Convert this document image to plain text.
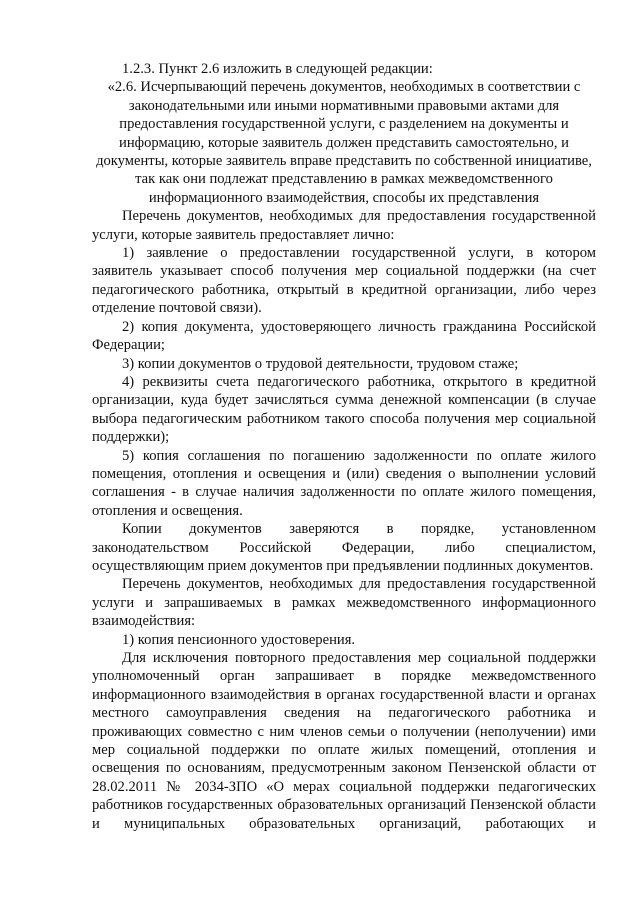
1.2.3. Пункт 2.6 изложить в следующей редакции:

«2.6. Исчерпывающий перечень документов, необходимых в соответствии с законодательными или иными нормативными правовыми актами для предоставления государственной услуги, с разделением на документы и информацию, которые заявитель должен представить самостоятельно, и документы, которые заявитель вправе представить по собственной инициативе, так как они подлежат представлению в рамках межведомственного информационного взаимодействия, способы их представления

Перечень документов, необходимых для предоставления государственной услуги, которые заявитель предоставляет лично:

1) заявление о предоставлении государственной услуги, в котором заявитель указывает способ получения мер социальной поддержки (на счет педагогического работника, открытый в кредитной организации, либо через отделение почтовой связи).

2) копия документа, удостоверяющего личность гражданина Российской Федерации;

3) копии документов о трудовой деятельности, трудовом стаже;

4) реквизиты счета педагогического работника, открытого в кредитной организации, куда будет зачисляться сумма денежной компенсации (в случае выбора педагогическим работником такого способа получения мер социальной поддержки);

5) копия соглашения по погашению задолженности по оплате жилого помещения, отопления и освещения и (или) сведения о выполнении условий соглашения - в случае наличия задолженности по оплате жилого помещения, отопления и освещения.

Копии документов заверяются в порядке, установленном законодательством Российской Федерации, либо специалистом, осуществляющим прием документов при предъявлении подлинных документов.

Перечень документов, необходимых для предоставления государственной услуги и запрашиваемых в рамках межведомственного информационного взаимодействия:

1) копия пенсионного удостоверения.

Для исключения повторного предоставления мер социальной поддержки уполномоченный орган запрашивает в порядке межведомственного информационного взаимодействия в органах государственной власти и органах местного самоуправления сведения на педагогического работника и проживающих совместно с ним членов семьи о получении (неполучении) ими мер социальной поддержки по оплате жилых помещений, отопления и освещения по основаниям, предусмотренным законом Пензенской области от 28.02.2011 № 2034-ЗПО «О мерах социальной поддержки педагогических работников государственных образовательных организаций Пензенской области и муниципальных образовательных организаций, работающих и
